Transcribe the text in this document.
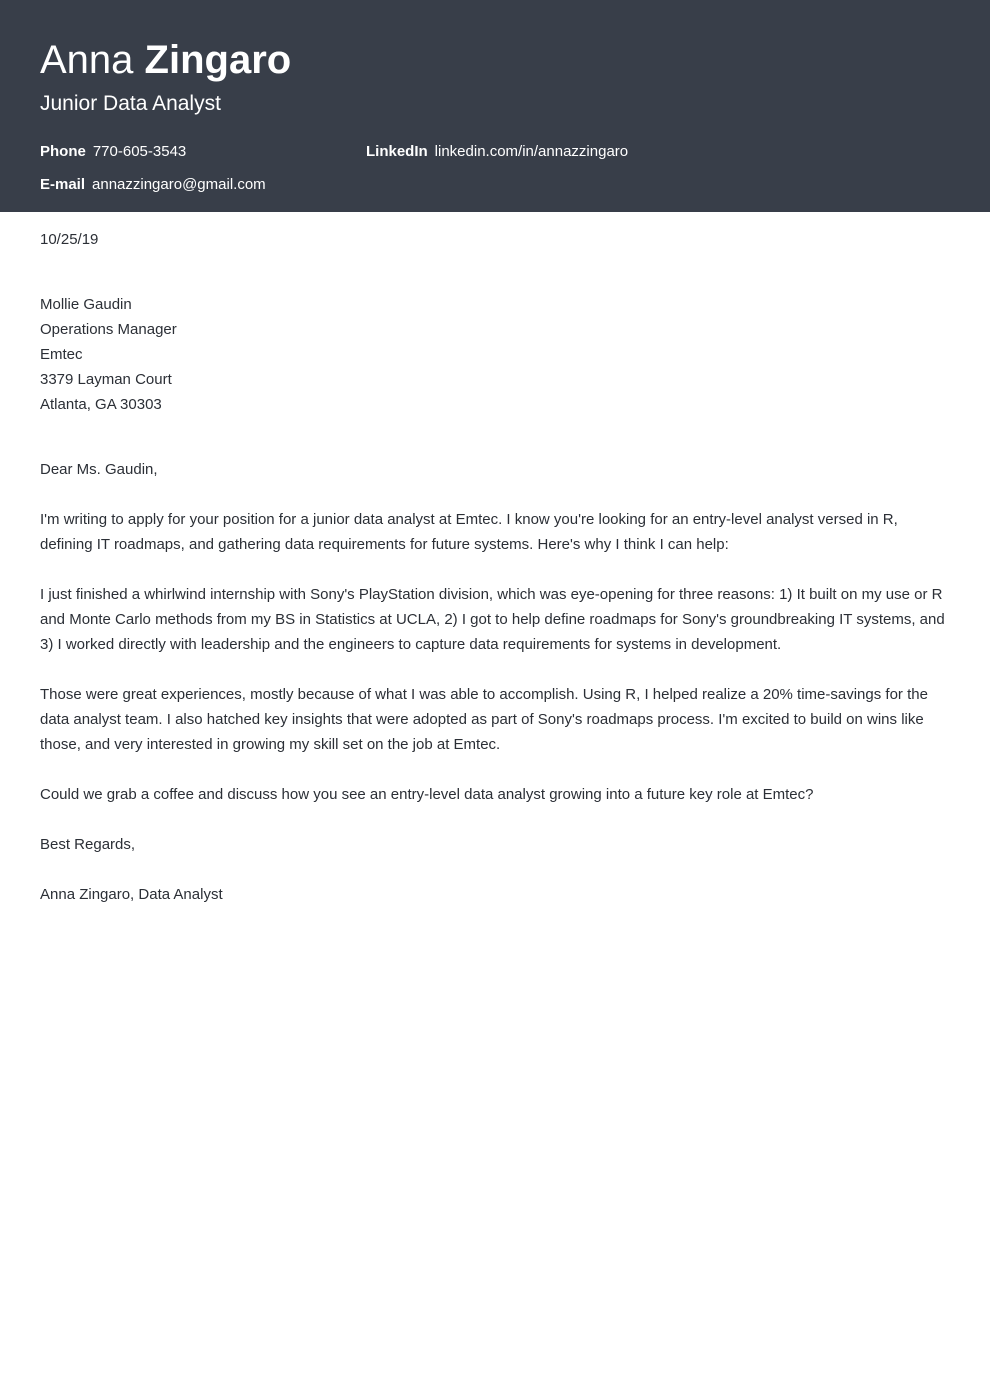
Anna Zingaro
Junior Data Analyst
Phone 770-605-3543	LinkedIn linkedin.com/in/annazzingaro
E-mail annazzingaro@gmail.com
10/25/19
Mollie Gaudin
Operations Manager
Emtec
3379 Layman Court
Atlanta, GA 30303
Dear Ms. Gaudin,

I'm writing to apply for your position for a junior data analyst at Emtec. I know you're looking for an entry-level analyst versed in R, defining IT roadmaps, and gathering data requirements for future systems. Here's why I think I can help:

I just finished a whirlwind internship with Sony's PlayStation division, which was eye-opening for three reasons: 1) It built on my use or R and Monte Carlo methods from my BS in Statistics at UCLA, 2) I got to help define roadmaps for Sony's groundbreaking IT systems, and 3) I worked directly with leadership and the engineers to capture data requirements for systems in development.

Those were great experiences, mostly because of what I was able to accomplish. Using R, I helped realize a 20% time-savings for the data analyst team. I also hatched key insights that were adopted as part of Sony's roadmaps process. I'm excited to build on wins like those, and very interested in growing my skill set on the job at Emtec.

Could we grab a coffee and discuss how you see an entry-level data analyst growing into a future key role at Emtec?

Best Regards,
Anna Zingaro, Data Analyst
